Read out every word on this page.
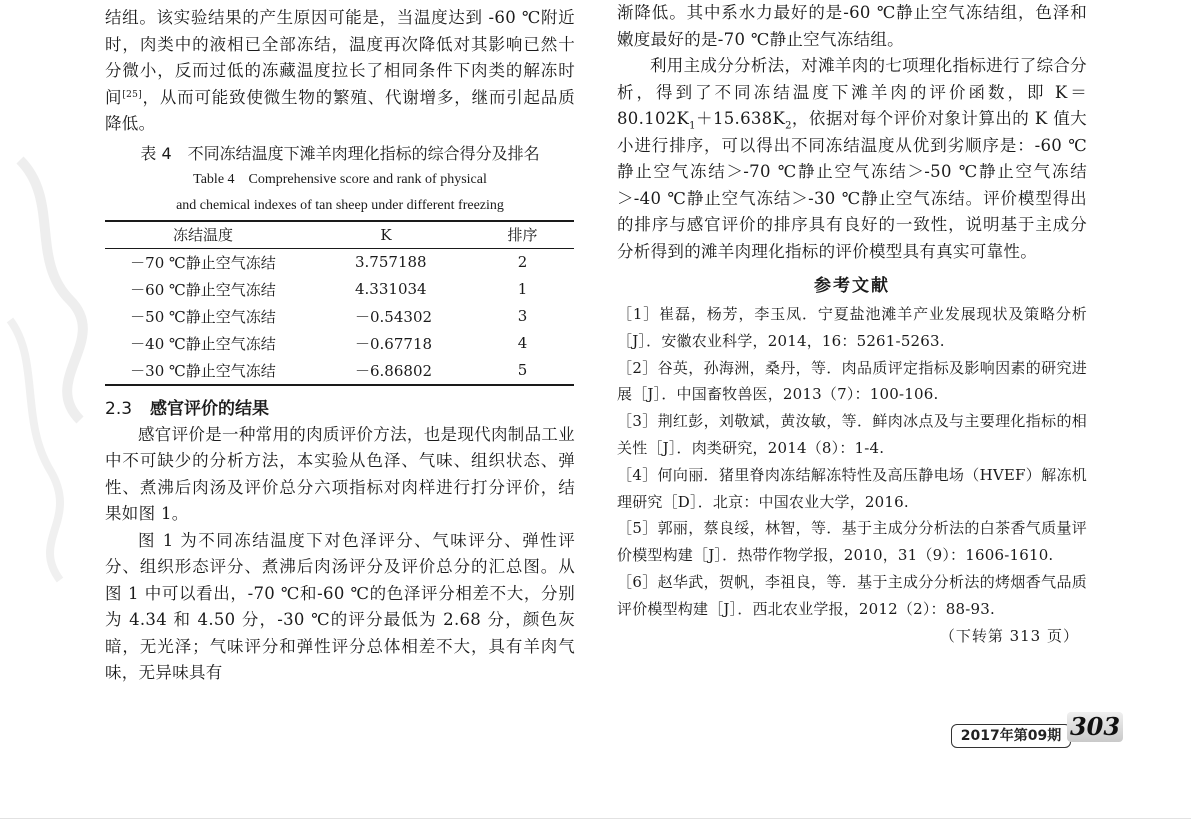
结组。该实验结果的产生原因可能是，当温度达到 -60 ℃附近时，肉类中的液相已全部冻结，温度再次降低对其影响已然十分微小，反而过低的冻藏温度拉长了相同条件下肉类的解冻时间[25]，从而可能致使微生物的繁殖、代谢增多，继而引起品质降低。

表 4　不同冻结温度下滩羊肉理化指标的综合得分及排名
Table 4　Comprehensive score and rank of physical
and chemical indexes of tan sheep under different freezing
冻结温度	K	排序
－70 ℃静止空气冻结	3.757188	2
－60 ℃静止空气冻结	4.331034	1
－50 ℃静止空气冻结	－0.54302	3
－40 ℃静止空气冻结	－0.67718	4
－30 ℃静止空气冻结	－6.86802	5
2.3 感官评价的结果

感官评价是一种常用的肉质评价方法，也是现代肉制品工业中不可缺少的分析方法，本实验从色泽、气味、组织状态、弹性、煮沸后肉汤及评价总分六项指标对肉样进行打分评价，结果如图 1。

图 1 为不同冻结温度下对色泽评分、气味评分、弹性评分、组织形态评分、煮沸后肉汤评分及评价总分的汇总图。从图 1 中可以看出，-70 ℃和-60 ℃的色泽评分相差不大，分别为 4.34 和 4.50 分，-30 ℃的评分最低为 2.68 分，颜色灰暗，无光泽；气味评分和弹性评分总体相差不大，具有羊肉气味，无异味具有

渐降低。其中系水力最好的是-60 ℃静止空气冻结组，色泽和嫩度最好的是-70 ℃静止空气冻结组。

利用主成分分析法，对滩羊肉的七项理化指标进行了综合分析，得到了不同冻结温度下滩羊肉的评价函数，即 $K=80.102K_1+15.638K_2$，依据对每个评价对象计算出的 K 值大小进行排序，可以得出不同冻结温度从优到劣顺序是：-60 ℃静止空气冻结＞-70 ℃静止空气冻结＞-50 ℃静止空气冻结＞-40 ℃静止空气冻结＞-30 ℃静止空气冻结。评价模型得出的排序与感官评价的排序具有良好的一致性，说明基于主成分分析得到的滩羊肉理化指标的评价模型具有真实可靠性。

参考文献
［1］崔磊，杨芳，李玉凤．宁夏盐池滩羊产业发展现状及策略分析［J］．安徽农业科学，2014，16：5261-5263.
［2］谷英，孙海洲，桑丹，等．肉品质评定指标及影响因素的研究进展［J］．中国畜牧兽医，2013（7）：100-106.
［3］荆红彭，刘敬斌，黄汝敏，等．鲜肉冰点及与主要理化指标的相关性［J］．肉类研究，2014（8）：1-4.
［4］何向丽．猪里脊肉冻结解冻特性及高压静电场（HVEF）解冻机理研究［D］．北京：中国农业大学，2016.
［5］郭丽，蔡良绥，林智，等．基于主成分分析法的白茶香气质量评价模型构建［J］．热带作物学报，2010，31（9）：1606-1610.
［6］赵华武，贺帆，李祖良，等．基于主成分分析法的烤烟香气品质评价模型构建［J］．西北农业学报，2012（2）：88-93.
（下转第 313 页）
2017年第09期 303
